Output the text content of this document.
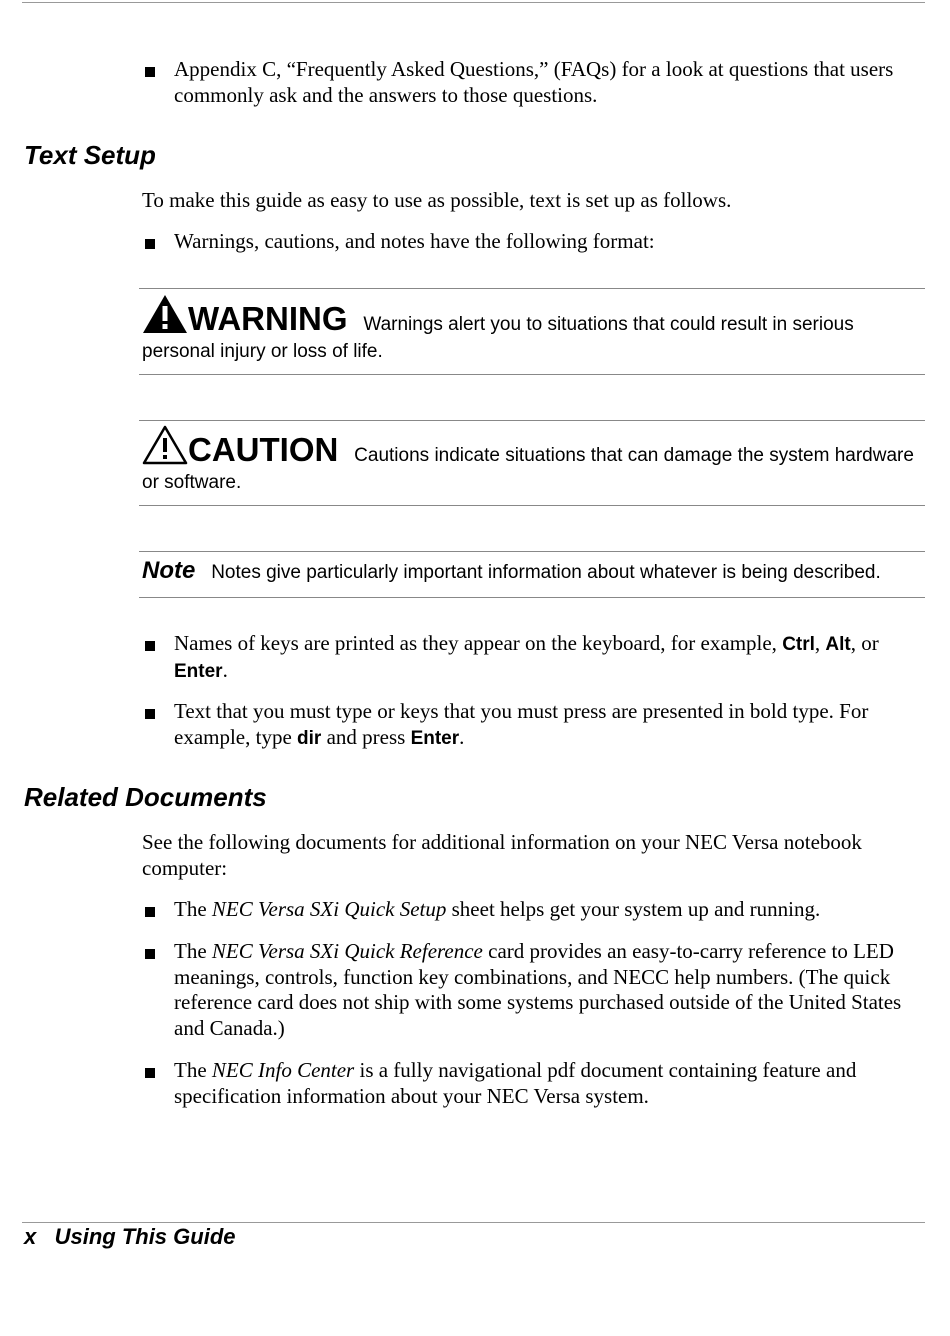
Appendix C, “Frequently Asked Questions,” (FAQs) for a look at questions that users commonly ask and the answers to those questions.
Text Setup
To make this guide as easy to use as possible, text is set up as follows.
Warnings, cautions, and notes have the following format:
WARNING Warnings alert you to situations that could result in serious personal injury or loss of life.
CAUTION Cautions indicate situations that can damage the system hardware or software.
Note Notes give particularly important information about whatever is being described.
Names of keys are printed as they appear on the keyboard, for example, Ctrl, Alt, or Enter.
Text that you must type or keys that you must press are presented in bold type. For example, type dir and press Enter.
Related Documents
See the following documents for additional information on your NEC Versa notebook computer:
The NEC Versa SXi Quick Setup sheet helps get your system up and running.
The NEC Versa SXi Quick Reference card provides an easy-to-carry reference to LED meanings, controls, function key combinations, and NECC help numbers. (The quick reference card does not ship with some systems purchased outside of the United States and Canada.)
The NEC Info Center is a fully navigational pdf document containing feature and specification information about your NEC Versa system.
x Using This Guide
